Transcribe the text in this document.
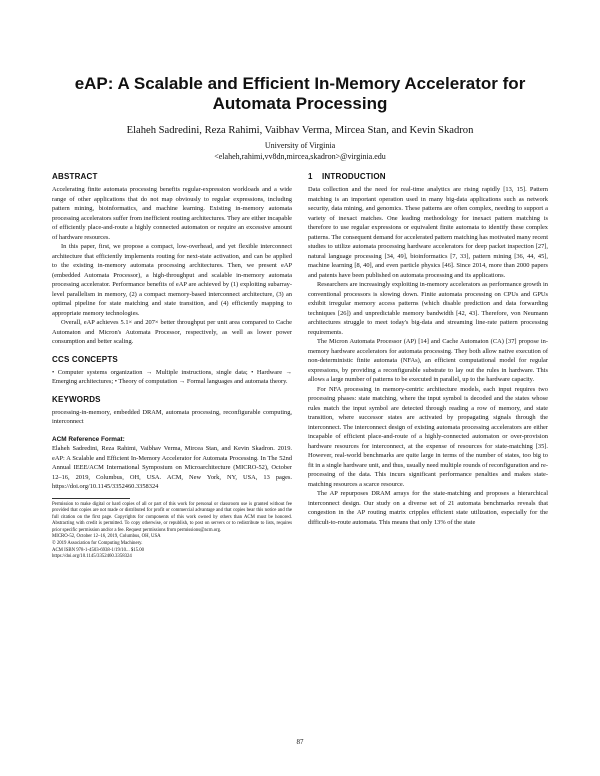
eAP: A Scalable and Efficient In-Memory Accelerator for Automata Processing
Elaheh Sadredini, Reza Rahimi, Vaibhav Verma, Mircea Stan, and Kevin Skadron
University of Virginia
<elaheh,rahimi,vv8dn,mircea,skadron>@virginia.edu
ABSTRACT

Accelerating finite automata processing benefits regular-expression workloads and a wide range of other applications that do not map obviously to regular expressions, including pattern mining, bioinformatics, and machine learning. Existing in-memory automata processing accelerators suffer from inefficient routing architectures. They are either incapable of efficiently place-and-route a highly connected automaton or require an excessive amount of hardware resources.

In this paper, first, we propose a compact, low-overhead, and yet flexible interconnect architecture that efficiently implements routing for next-state activation, and can be applied to the existing in-memory automata processing architectures. Then, we present eAP (embedded Automata Processor), a high-throughput and scalable in-memory automata processing accelerator. Performance benefits of eAP are achieved by (1) exploiting subarray-level parallelism in memory, (2) a compact memory-based interconnect architecture, (3) an optimal pipeline for state matching and state transition, and (4) efficiently mapping to appropriate memory technologies.

Overall, eAP achieves 5.1× and 207× better throughput per unit area compared to Cache Automaton and Micron's Automata Processor, respectively, as well as lower power consumption and better scaling.

CCS CONCEPTS

• Computer systems organization → Multiple instructions, single data; • Hardware → Emerging architectures; • Theory of computation → Formal languages and automata theory.

KEYWORDS

processing-in-memory, embedded DRAM, automata processing, reconfigurable computing, interconnect

ACM Reference Format:

Elaheh Sadredini, Reza Rahimi, Vaibhav Verma, Mircea Stan, and Kevin Skadron. 2019. eAP: A Scalable and Efficient In-Memory Accelerator for Automata Processing. In The 52nd Annual IEEE/ACM International Symposium on Microarchitecture (MICRO-52), October 12–16, 2019, Columbus, OH, USA. ACM, New York, NY, USA, 13 pages. https://doi.org/10.1145/3352460.3358324

Permission to make digital or hard copies of all or part of this work for personal or classroom use is granted without fee provided that copies are not made or distributed for profit or commercial advantage and that copies bear this notice and the full citation on the first page. Copyrights for components of this work owned by others than ACM must be honored. Abstracting with credit is permitted. To copy otherwise, or republish, to post on servers or to redistribute to lists, requires prior specific permission and/or a fee. Request permissions from permissions@acm.org.

MICRO-52, October 12–16, 2019, Columbus, OH, USA

© 2019 Association for Computing Machinery.

ACM ISBN 978-1-4503-6938-1/19/10... $15.00

https://doi.org/10.1145/3352460.3358324

1 INTRODUCTION

Data collection and the need for real-time analytics are rising rapidly [13, 15]. Pattern matching is an important operation used in many big-data applications such as network security, data mining, and genomics. These patterns are often complex, needing to support a variety of inexact matches. One leading methodology for inexact pattern matching is therefore to use regular expressions or equivalent finite automata to identify these complex patterns. The consequent demand for accelerated pattern matching has motivated many recent studies to utilize automata processing hardware accelerators for deep packet inspection [27], natural language processing [34, 49], bioinformatics [7, 33], pattern mining [36, 44, 45], machine learning [8, 40], and even particle physics [46]. Since 2014, more than 2000 papers and patents have been published on automata processing and its applications.

Researchers are increasingly exploiting in-memory accelerators as performance growth in conventional processors is slowing down. Finite automata processing on CPUs and GPUs exhibit irregular memory access patterns (which disable prediction and data forwarding techniques [26]) and unpredictable memory bandwidth [42, 43]. Therefore, von Neumann architectures struggle to meet today's big-data and streaming line-rate pattern processing requirements.

The Micron Automata Processor (AP) [14] and Cache Automaton (CA) [37] propose in-memory hardware accelerators for automata processing. They both allow native execution of non-deterministic finite automata (NFAs), an efficient computational model for regular expressions, by providing a reconfigurable substrate to lay out the rules in hardware. This allows a large number of patterns to be executed in parallel, up to the hardware capacity.

For NFA processing in memory-centric architecture models, each input requires two processing phases: state matching, where the input symbol is decoded and the states whose rules match the input symbol are detected through reading a row of memory, and state transition, where successor states are activated by propagating signals through the interconnect. The interconnect design of existing automata processing accelerators are either incapable of efficient place-and-route of a highly-connected automaton or over-provision hardware resources for interconnect, at the expense of resources for state-matching [35]. However, real-world benchmarks are quite large in terms of the number of states, too big to fit in a single hardware unit, and thus, usually need multiple rounds of reconfiguration and re-processing of the data. This incurs significant performance penalties and makes state-matching resources a scarce resource.

The AP repurposes DRAM arrays for the state-matching and proposes a hierarchical interconnect design. Our study on a diverse set of 21 automata benchmarks reveals that congestion in the AP routing matrix cripples efficient state utilization, especially for the difficult-to-route automata. This means that only 13% of the state

87
